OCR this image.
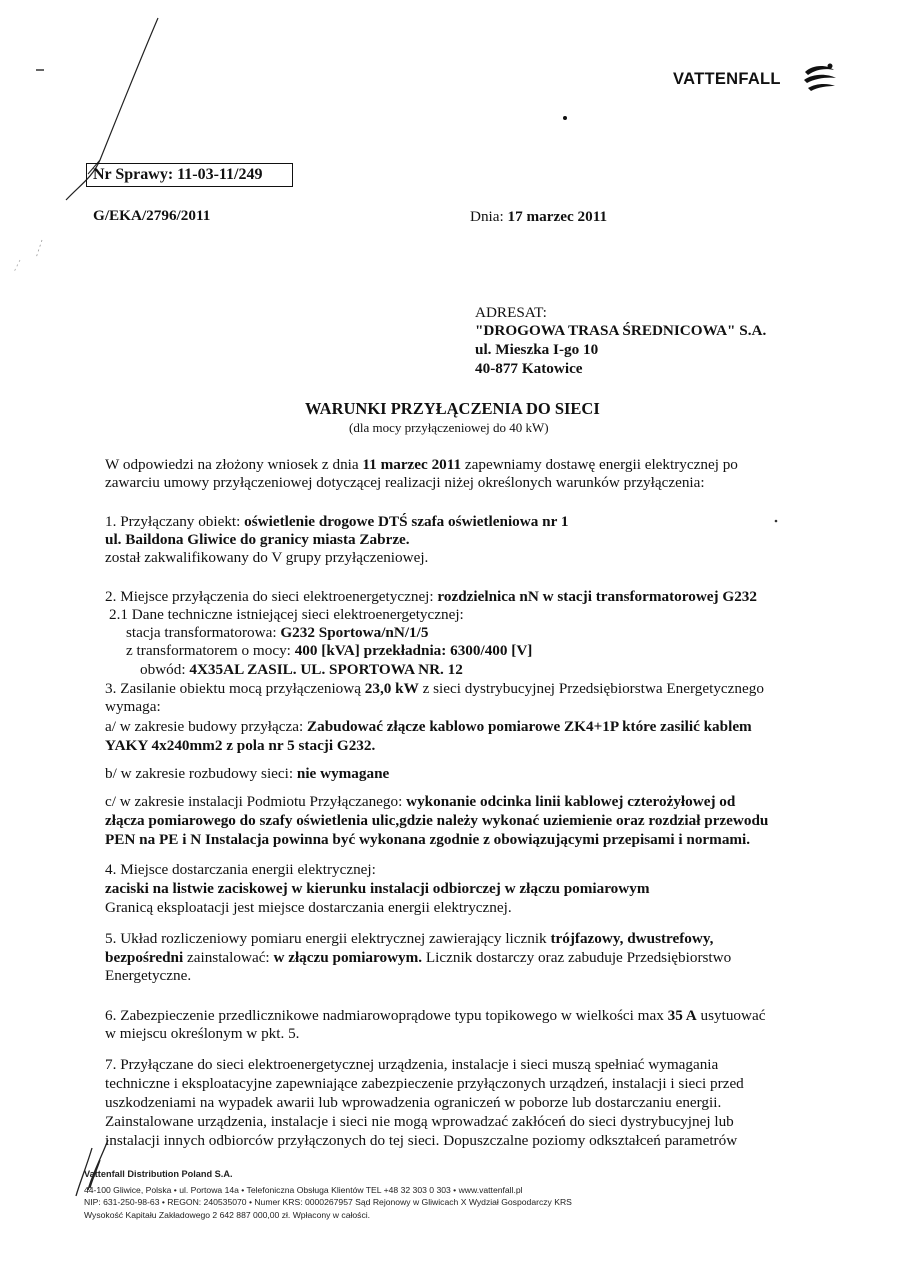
VATTENFALL
Nr Sprawy: 11-03-11/249
G/EKA/2796/2011	Dnia: 17 marzec 2011
ADRESAT:
"DROGOWA TRASA ŚREDNICOWA" S.A.
ul. Mieszka I-go 10
40-877 Katowice
WARUNKI PRZYŁĄCZENIA DO SIECI
(dla mocy przyłączeniowej do 40 kW)
W odpowiedzi na złożony wniosek z dnia 11 marzec 2011 zapewniamy dostawę energii elektrycznej po
zawarciu umowy przyłączeniowej dotyczącej realizacji niżej określonych warunków przyłączenia:
1. Przyłączany obiekt: oświetlenie drogowe DTŚ szafa oświetleniowa nr 1
ul. Baildona Gliwice do granicy miasta Zabrze.
został zakwalifikowany do V grupy przyłączeniowej.
2. Miejsce przyłączenia do sieci elektroenergetycznej: rozdzielnica nN w stacji transformatorowej G232
2.1 Dane techniczne istniejącej sieci elektroenergetycznej:
stacja transformatorowa: G232 Sportowa/nN/1/5
z transformatorem o mocy: 400 [kVA] przekładnia: 6300/400 [V]
obwód: 4X35AL ZASIL. UL. SPORTOWA NR. 12
3. Zasilanie obiektu mocą przyłączeniową 23,0 kW z sieci dystrybucyjnej Przedsiębiorstwa Energetycznego
wymaga:
a/ w zakresie budowy przyłącza: Zabudować złącze kablowo pomiarowe ZK4+1P które zasilić kablem
YAKY 4x240mm2 z pola nr 5 stacji G232.
b/ w zakresie rozbudowy sieci: nie wymagane
c/ w zakresie instalacji Podmiotu Przyłączanego: wykonanie odcinka linii kablowej czterożyłowej od
złącza pomiarowego do szafy oświetlenia ulic,gdzie należy wykonać uziemienie oraz rozdział przewodu
PEN na PE i N Instalacja powinna być wykonana zgodnie z obowiązującymi przepisami i normami.
4. Miejsce dostarczania energii elektrycznej:
zaciski na listwie zaciskowej w kierunku instalacji odbiorczej w złączu pomiarowym
Granicą eksploatacji jest miejsce dostarczania energii elektrycznej.
5. Układ rozliczeniowy pomiaru energii elektrycznej zawierający licznik trójfazowy, dwustrefowy,
bezpośredni zainstalować: w złączu pomiarowym. Licznik dostarczy oraz zabuduje Przedsiębiorstwo
Energetyczne.
6. Zabezpieczenie przedlicznikowe nadmiarowoprądowe typu topikowego w wielkości max 35 A usytuować
w miejscu określonym w pkt. 5.
7. Przyłączane do sieci elektroenergetycznej urządzenia, instalacje i sieci muszą spełniać wymagania
techniczne i eksploatacyjne zapewniające zabezpieczenie przyłączonych urządzeń, instalacji i sieci przed
uszkodzeniami na wypadek awarii lub wprowadzenia ograniczeń w poborze lub dostarczaniu energii.
Zainstalowane urządzenia, instalacje i sieci nie mogą wprowadzać zakłóceń do sieci dystrybucyjnej lub
instalacji innych odbiorców przyłączonych do tej sieci. Dopuszczalne poziomy odkształceń parametrów
Vattenfall Distribution Poland S.A.
44-100 Gliwice, Polska • ul. Portowa 14a • Telefoniczna Obsługa Klientów TEL +48 32 303 0 303 • www.vattenfall.pl
NIP: 631-250-98-63 • REGON: 240535070 • Numer KRS: 0000267957 Sąd Rejonowy w Gliwicach X Wydział Gospodarczy KRS
Wysokość Kapitału Zakładowego 2 642 887 000,00 zł. Wpłacony w całości.
